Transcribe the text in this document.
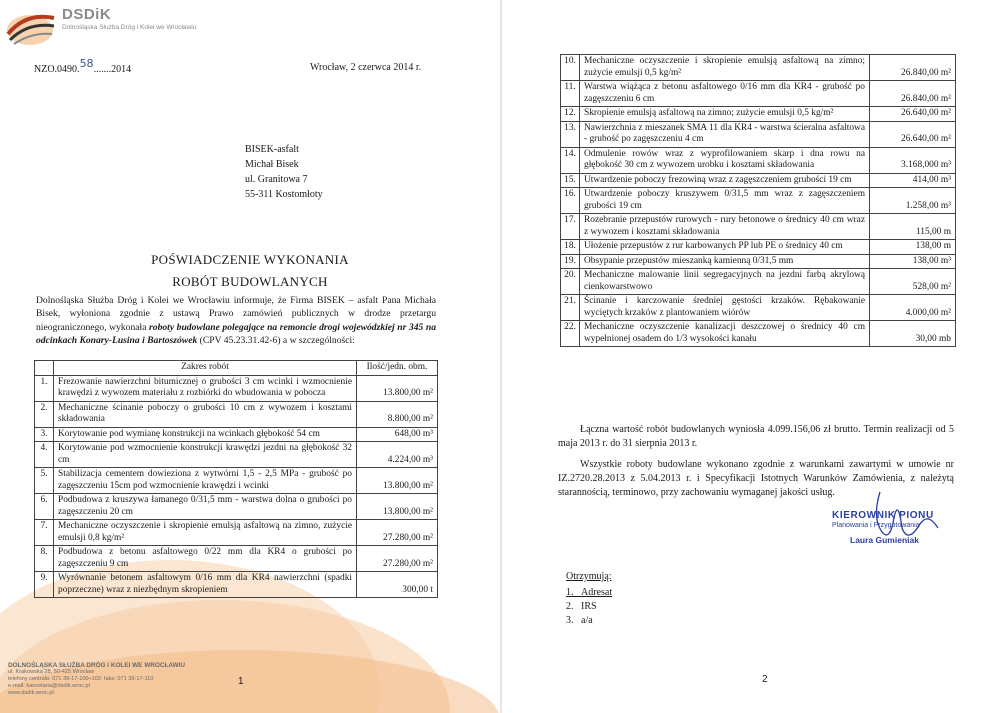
DSDiK
Dolnośląska Służba Dróg i Kolei we Wrocławiu
NZO.0490.58.......2014	Wrocław, 2 czerwca 2014 r.
BISEK-asfalt
Michał Bisek
ul. Granitowa 7
55-311 Kostomłoty
POŚWIADCZENIE WYKONANIA
ROBÓT BUDOWLANYCH
Dolnośląska Służba Dróg i Kolei we Wrocławiu informuje, że Firma BISEK – asfalt Pana Michała Bisek, wyłoniona zgodnie z ustawą Prawo zamówień publicznych w drodze przetargu nieograniczonego, wykonała roboty budowlane polegające na remoncie drogi wojewódzkiej nr 345 na odcinkach Konary-Lusina i Bartoszówek (CPV 45.23.31.42-6) a w szczególności:
	Zakres robót	Ilość/jedn. obm.
1.	Frezowanie nawierzchni bitumicznej o grubości 3 cm wcinki i wzmocnienie krawędzi z wywozem materiału z rozbiórki do wbudowania w pobocza	13.800,00 m²
2.	Mechaniczne ścinanie poboczy o grubości 10 cm z wywozem i kosztami składowania	8.800,00 m²
3.	Korytowanie pod wymianę konstrukcji na wcinkach głębokość 54 cm	648,00 m³
4.	Korytowanie pod wzmocnienie konstrukcji krawędzi jezdni na głębokość 32 cm	4.224,00 m³
5.	Stabilizacja cementem dowieziona z wytwórni 1,5 - 2,5 MPa - grubość po zagęszczeniu 15cm pod wzmocnienie krawędzi i wcinki	13.800,00 m²
6.	Podbudowa z kruszywa łamanego 0/31,5 mm - warstwa dolna o grubości po zagęszczeniu 20 cm	13.800,00 m²
7.	Mechaniczne oczyszczenie i skropienie emulsją asfaltową na zimno, zużycie emulsji 0,8 kg/m²	27.280,00 m²
8.	Podbudowa z betonu asfaltowego 0/22 mm dla KR4 o grubości po zagęszczeniu 9 cm	27.280,00 m²
9.	Wyrównanie betonem asfaltowym 0/16 mm dla KR4 nawierzchni (spadki poprzeczne) wraz z niezbędnym skropieniem	300,00 t
DOLNOŚLĄSKA SŁUŻBA DRÓG I KOLEI WE WROCŁAWIU
ul. Krakowska 28, 50-425 Wrocław
telefony centrala: 071 39-17-100÷102; faks: 071 39-17-110
e-mail: kancelaria@dsdik.wroc.pl
www.dsdik.wroc.pl
1
10.	Mechaniczne oczyszczenie i skropienie emulsją asfaltową na zimno; zużycie emulsji 0,5 kg/m²	26.840,00 m²
11.	Warstwa wiążąca z betonu asfaltowego 0/16 mm dla KR4 - grubość po zagęszczeniu 6 cm	26.840,00 m²
12.	Skropienie emulsją asfaltową na zimno; zużycie emulsji 0,5 kg/m²	26.640,00 m²
13.	Nawierzchnia z mieszanek SMA 11 dla KR4 - warstwa ścieralna asfaltowa - grubość po zagęszczeniu 4 cm	26.640,00 m²
14.	Odmulenie rowów wraz z wyprofilowaniem skarp i dna rowu na głębokość 30 cm z wywozem urobku i kosztami składowania	3.168,000 m³
15.	Utwardzenie poboczy frezowiną wraz z zagęszczeniem grubości 19 cm	414,00 m³
16.	Utwardzenie poboczy kruszywem 0/31,5 mm wraz z zagęszczeniem grubości 19 cm	1.258,00 m³
17.	Rozebranie przepustów rurowych - rury betonowe o średnicy 40 cm wraz z wywozem i kosztami składowania	115,00 m
18.	Ułożenie przepustów z rur karbowanych PP lub PE o średnicy 40 cm	138,00 m
19.	Obsypanie przepustów mieszanką kamienną 0/31,5 mm	138,00 m³
20.	Mechaniczne malowanie linii segregacyjnych na jezdni farbą akrylową cienkowarstwowo	528,00 m²
21.	Ścinanie i karczowanie średniej gęstości krzaków. Rębakowanie wyciętych krzaków z plantowaniem wiórów	4.000,00 m²
22.	Mechaniczne oczyszczenie kanalizacji deszczowej o średnicy 40 cm wypełnionej osadem do 1/3 wysokości kanału	30,00 mb
Łączna wartość robót budowlanych wyniosła 4.099.156,06 zł brutto. Termin realizacji od 5 maja 2013 r. do 31 sierpnia 2013 r.
Wszystkie roboty budowlane wykonano zgodnie z warunkami zawartymi w umowie nr IZ.2720.28.2013 z 5.04.2013 r. i Specyfikacji Istotnych Warunków Zamówienia, z należytą starannością, terminowo, przy zachowaniu wymaganej jakości usług.
KIEROWNIK PIONU
Planowania i Przygotowania
Laura Gumieniak
Otrzymują:
1. Adresat
2. IRS
3. a/a
2
